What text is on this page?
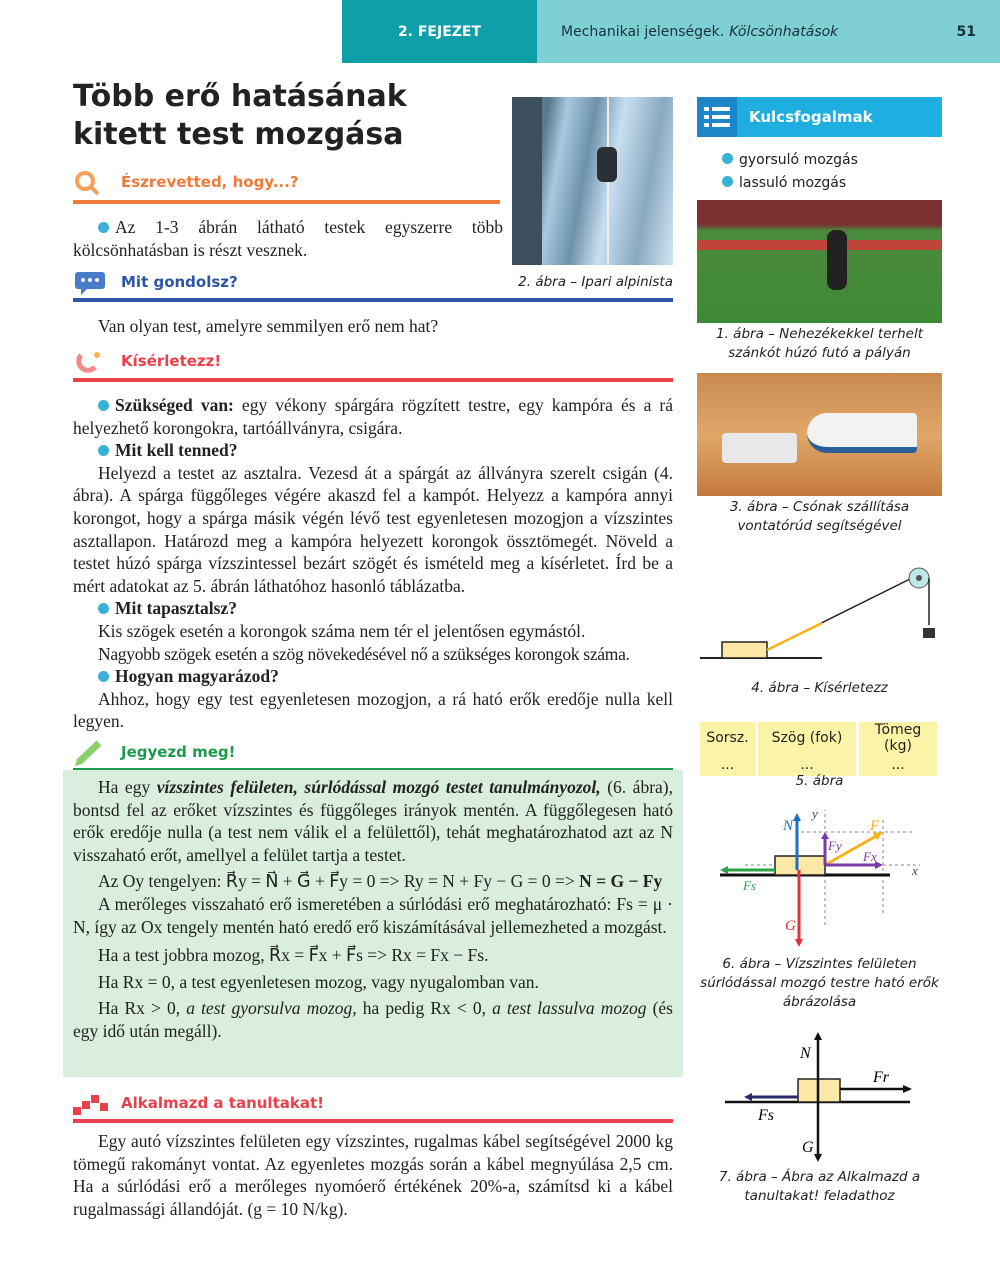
2. FEJEZET	Mechanikai jelenségek. Kölcsönhatások	51
Több erő hatásának kitett test mozgása
2. ábra – Ipari alpinista
Észrevetted, hogy...?

Az 1-3 ábrán látható testek egyszerre több kölcsönhatásban is részt vesznek.

Mit gondolsz?

Van olyan test, amelyre semmilyen erő nem hat?

Kísérletezz!

Szükséged van: egy vékony spárgára rögzített testre, egy kampóra és a rá helyezhető korongokra, tartóállványra, csigára.

Mit kell tenned?

Helyezd a testet az asztalra. Vezesd át a spárgát az állványra szerelt csigán (4. ábra). A spárga függőleges végére akaszd fel a kampót. Helyezz a kampóra annyi korongot, hogy a spárga másik végén lévő test egyenletesen mozogjon a vízszintes asztallapon. Határozd meg a kampóra helyezett korongok össztömegét. Növeld a testet húzó spárga vízszintessel bezárt szögét és ismételd meg a kísérletet. Írd be a mért adatokat az 5. ábrán láthatóhoz hasonló táblázatba.

Mit tapasztalsz?

Kis szögek esetén a korongok száma nem tér el jelentősen egymástól.

Nagyobb szögek esetén a szög növekedésével nő a szükséges korongok száma.

Hogyan magyarázod?

Ahhoz, hogy egy test egyenletesen mozogjon, a rá ható erők eredője nulla kell legyen.

Jegyezd meg!

Ha egy vízszintes felületen, súrlódással mozgó testet tanulmányozol, (6. ábra), bontsd fel az erőket vízszintes és függőleges irányok mentén. A függőlegesen ható erők eredője nulla (a test nem válik el a felülettől), tehát meghatározhatod azt az N visszaható erőt, amellyel a felület tartja a testet.

Az Oy tengelyen: R⃗y = N⃗ + G⃗ + F⃗y = 0 => Ry = N + Fy − G = 0 => N = G − Fy

A merőleges visszaható erő ismeretében a súrlódási erő meghatározható: Fs = μ · N, így az Ox tengely mentén ható eredő erő kiszámításával jellemezheted a mozgást.

Ha a test jobbra mozog, R⃗x = F⃗x + F⃗s => Rx = Fx − Fs.

Ha Rx = 0, a test egyenletesen mozog, vagy nyugalomban van.

Ha Rx > 0, a test gyorsulva mozog, ha pedig Rx < 0, a test lassulva mozog (és egy idő után megáll).

Alkalmazd a tanultakat!

Egy autó vízszintes felületen egy vízszintes, rugalmas kábel segítségével 2000 kg tömegű rakományt vontat. Az egyenletes mozgás során a kábel megnyúlása 2,5 cm. Ha a súrlódási erő a merőleges nyomóerő értékének 20%-a, számítsd ki a kábel rugalmassági állandóját. (g = 10 N/kg).

Kulcsfogalmak
gyorsuló mozgás
lassuló mozgás
1. ábra – Nehezékekkel terhelt szánkót húzó futó a pályán
3. ábra – Csónak szállítása vontatórúd segítségével
4. ábra – Kísérletezz
Sorsz.	Szög (fok)	Tömeg (kg)
...	...	...
5. ábra
N	F
Fy
Fx
Fs
G
x
y
6. ábra – Vízszintes felületen súrlódással mozgó testre ható erők ábrázolása
N
Fr
Fs
G
7. ábra – Ábra az Alkalmazd a tanultakat! feladathoz
